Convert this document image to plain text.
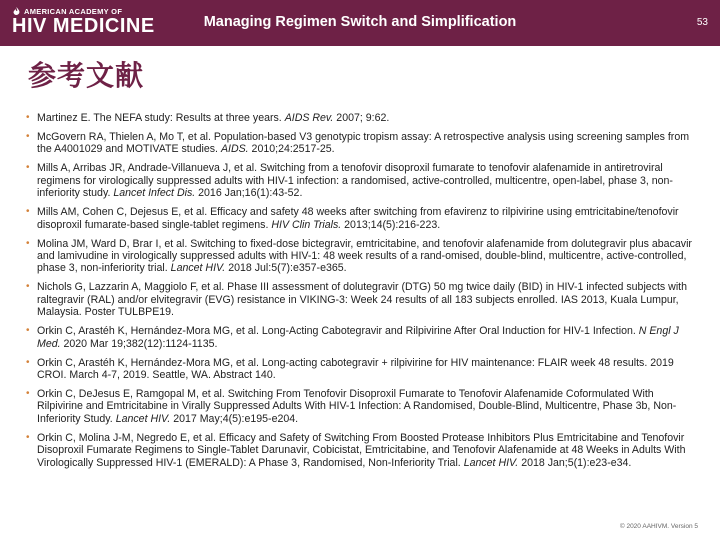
AMERICAN ACADEMY OF
HIV MEDICINE	Managing Regimen Switch and Simplification	53
参考文献
• Martinez E. The NEFA study: Results at three years. AIDS Rev. 2007; 9:62.
• McGovern RA, Thielen A, Mo T, et al. Population-based V3 genotypic tropism assay: A retrospective analysis using screening samples from the A4001029 and MOTIVATE studies. AIDS. 2010;24:2517-25.
• Mills A, Arribas JR, Andrade-Villanueva J, et al. Switching from a tenofovir disoproxil fumarate to tenofovir alafenamide in antiretroviral regimens for virologically suppressed adults with HIV-1 infection: a randomised, active-controlled, multicentre, open-label, phase 3, non-inferiority study. Lancet Infect Dis. 2016 Jan;16(1):43-52.
• Mills AM, Cohen C, Dejesus E, et al. Efficacy and safety 48 weeks after switching from efavirenz to rilpivirine using emtricitabine/tenofovir disoproxil fumarate-based single-tablet regimens. HIV Clin Trials. 2013;14(5):216-223.
• Molina JM, Ward D, Brar I, et al. Switching to fixed-dose bictegravir, emtricitabine, and tenofovir alafenamide from dolutegravir plus abacavir and lamivudine in virologically suppressed adults with HIV-1: 48 week results of a rand-omised, double-blind, multicentre, active-controlled, phase 3, non-inferiority trial. Lancet HIV. 2018 Jul:5(7):e357-e365.
• Nichols G, Lazzarin A, Maggiolo F, et al. Phase III assessment of dolutegravir (DTG) 50 mg twice daily (BID) in HIV-1 infected subjects with raltegravir (RAL) and/or elvitegravir (EVG) resistance in VIKING-3: Week 24 results of all 183 subjects enrolled. IAS 2013, Kuala Lumpur, Malaysia. Poster TULBPE19.
• Orkin C, Arastéh K, Hernández-Mora MG, et al. Long-Acting Cabotegravir and Rilpivirine After Oral Induction for HIV-1 Infection. N Engl J Med. 2020 Mar 19;382(12):1124-1135.
• Orkin C, Arastéh K, Hernández-Mora MG, et al. Long-acting cabotegravir + rilpivirine for HIV maintenance: FLAIR week 48 results. 2019 CROI. March 4-7, 2019. Seattle, WA. Abstract 140.
• Orkin C, DeJesus E, Ramgopal M, et al. Switching From Tenofovir Disoproxil Fumarate to Tenofovir Alafenamide Coformulated With Rilpivirine and Emtricitabine in Virally Suppressed Adults With HIV-1 Infection: A Randomised, Double-Blind, Multicentre, Phase 3b, Non-Inferiority Study. Lancet HIV. 2017 May;4(5):e195-e204.
• Orkin C, Molina J-M, Negredo E, et al. Efficacy and Safety of Switching From Boosted Protease Inhibitors Plus Emtricitabine and Tenofovir Disoproxil Fumarate Regimens to Single-Tablet Darunavir, Cobicistat, Emtricitabine, and Tenofovir Alafenamide at 48 Weeks in Adults With Virologically Suppressed HIV-1 (EMERALD): A Phase 3, Randomised, Non-Inferiority Trial. Lancet HIV. 2018 Jan;5(1):e23-e34.
© 2020 AAHIVM. Version 5
